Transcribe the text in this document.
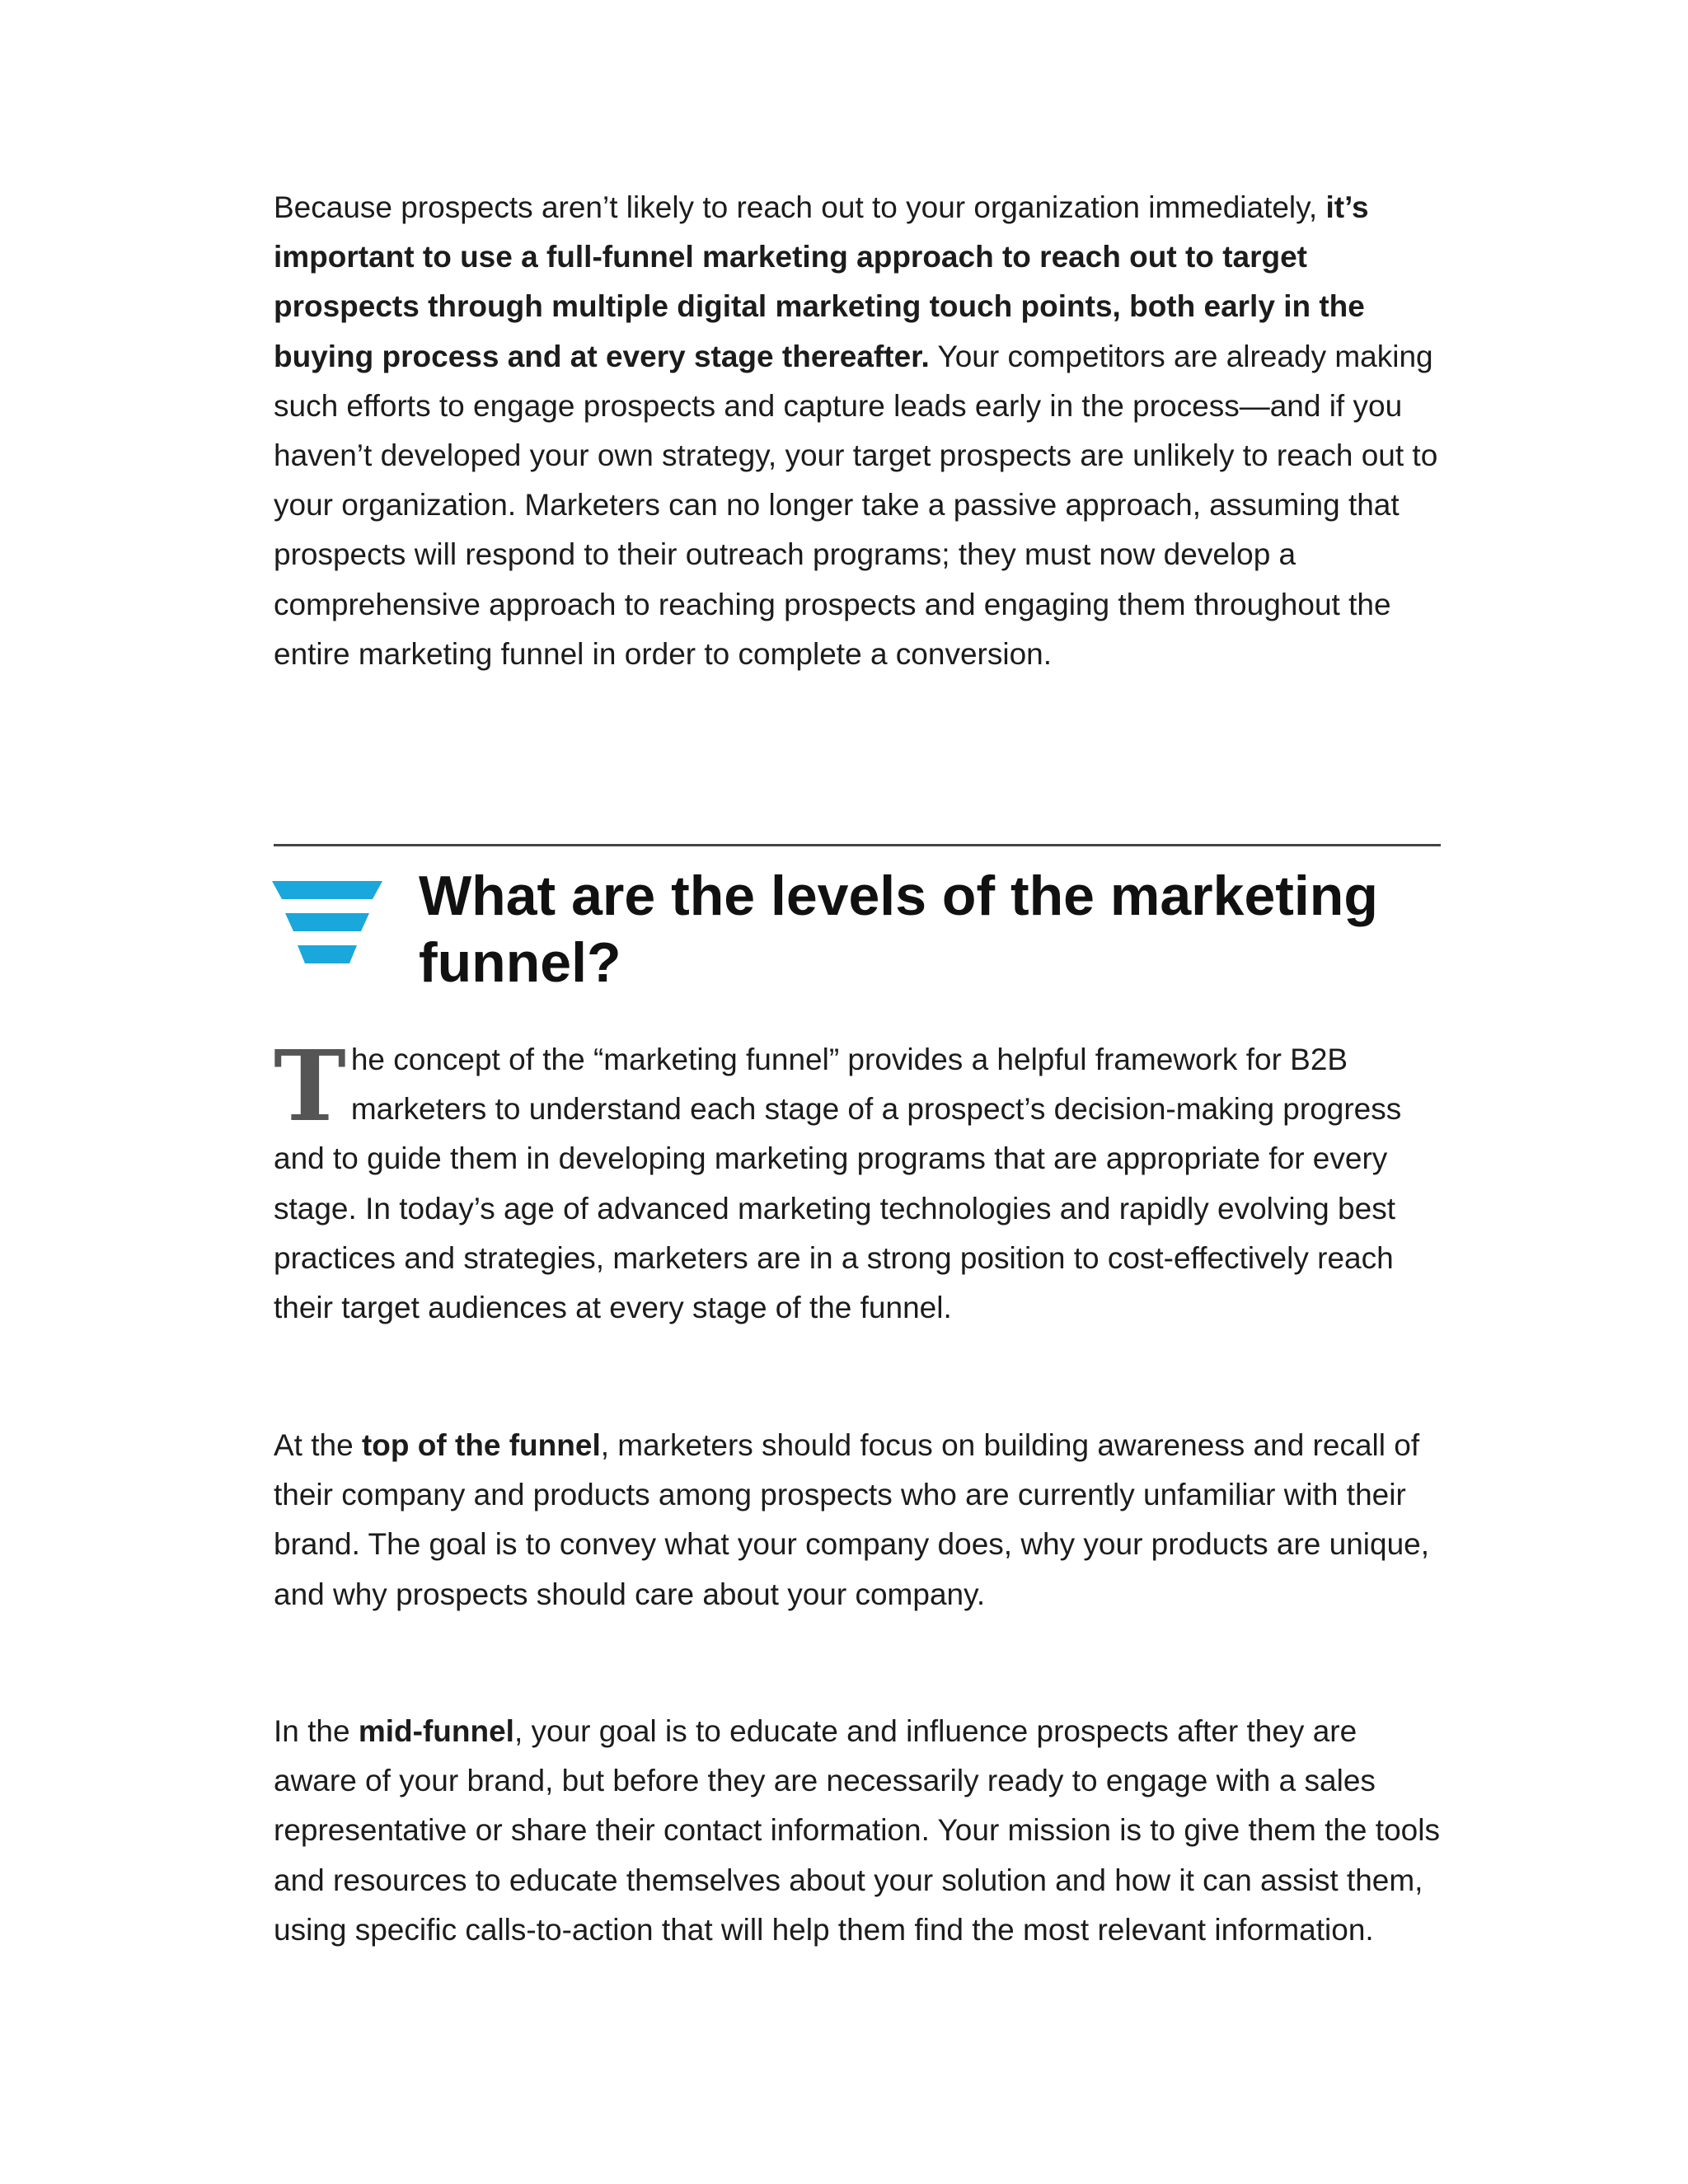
Because prospects aren’t likely to reach out to your organization immediately, it’s important to use a full-funnel marketing approach to reach out to target prospects through multiple digital marketing touch points, both early in the buying process and at every stage thereafter. Your competitors are already making such efforts to engage prospects and capture leads early in the process—and if you haven’t developed your own strategy, your target prospects are unlikely to reach out to your organization. Marketers can no longer take a passive approach, assuming that prospects will respond to their outreach programs; they must now develop a comprehensive approach to reaching prospects and engaging them throughout the entire marketing funnel in order to complete a conversion.

What are the levels of the marketing funnel?

The concept of the “marketing funnel” provides a helpful framework for B2B marketers to understand each stage of a prospect’s decision-making progress and to guide them in developing marketing programs that are appropriate for every stage. In today’s age of advanced marketing technologies and rapidly evolving best practices and strategies, marketers are in a strong position to cost-effectively reach their target audiences at every stage of the funnel.

At the top of the funnel, marketers should focus on building awareness and recall of their company and products among prospects who are currently unfamiliar with their brand. The goal is to convey what your company does, why your products are unique, and why prospects should care about your company.

In the mid-funnel, your goal is to educate and influence prospects after they are aware of your brand, but before they are necessarily ready to engage with a sales representative or share their contact information. Your mission is to give them the tools and resources to educate themselves about your solution and how it can assist them, using specific calls-to-action that will help them find the most relevant information.
